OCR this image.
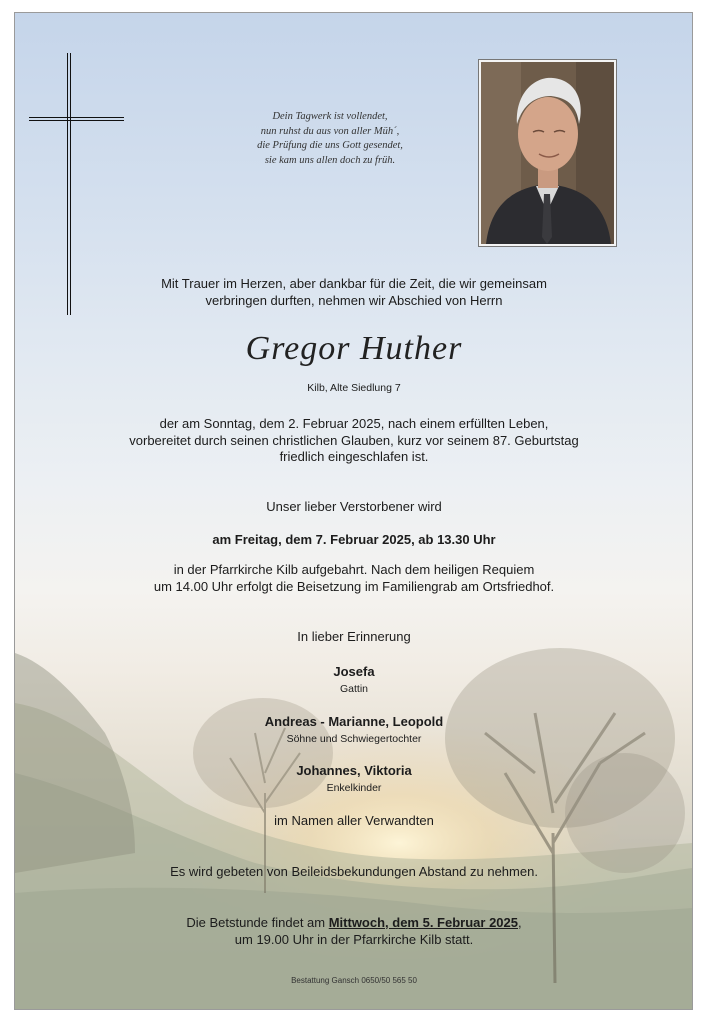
Dein Tagwerk ist vollendet,
nun ruhst du aus von aller Müh´,
die Prüfung die uns Gott gesendet,
sie kam uns allen doch zu früh.
Mit Trauer im Herzen, aber dankbar für die Zeit, die wir gemeinsam
verbringen durften, nehmen wir Abschied von Herrn
Gregor Huther
Kilb, Alte Siedlung 7
der am Sonntag, dem 2. Februar 2025, nach einem erfüllten Leben,
vorbereitet durch seinen christlichen Glauben, kurz vor seinem 87. Geburtstag
friedlich eingeschlafen ist.
Unser lieber Verstorbener wird
am Freitag, dem 7. Februar 2025, ab 13.30 Uhr
in der Pfarrkirche Kilb aufgebahrt. Nach dem heiligen Requiem
um 14.00 Uhr erfolgt die Beisetzung im Familiengrab am Ortsfriedhof.
In lieber Erinnerung
Josefa
Gattin
Andreas - Marianne, Leopold
Söhne und Schwiegertochter
Johannes, Viktoria
Enkelkinder
im Namen aller Verwandten
Es wird gebeten von Beileidsbekundungen Abstand zu nehmen.
Die Betstunde findet am Mittwoch, dem 5. Februar 2025,
um 19.00 Uhr in der Pfarrkirche Kilb statt.
Bestattung Gansch 0650/50 565 50
